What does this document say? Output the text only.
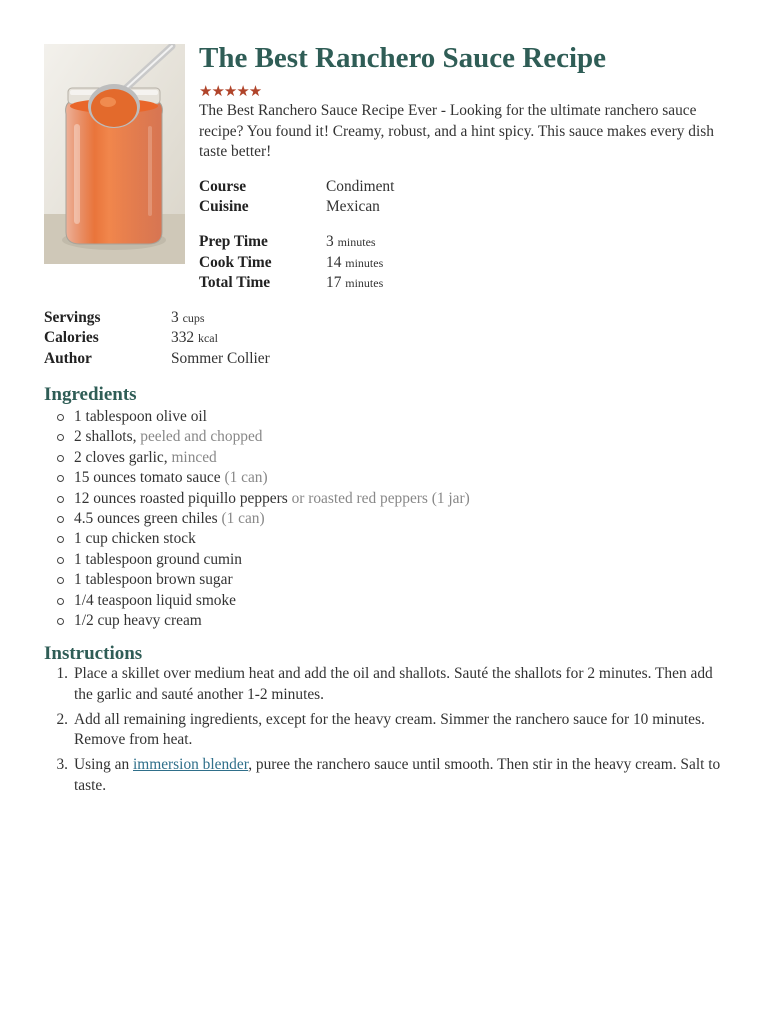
The Best Ranchero Sauce Recipe
★★★★★

The Best Ranchero Sauce Recipe Ever - Looking for the ultimate ranchero sauce recipe? You found it! Creamy, robust, and a hint spicy. This sauce makes every dish taste better!

Course	Condiment
Cuisine	Mexican
Prep Time	3 minutes
Cook Time	14 minutes
Total Time	17 minutes
Servings	3 cups
Calories	332 kcal
Author	Sommer Collier
Ingredients
1 tablespoon olive oil
2 shallots, peeled and chopped
2 cloves garlic, minced
15 ounces tomato sauce (1 can)
12 ounces roasted piquillo peppers or roasted red peppers (1 jar)
4.5 ounces green chiles (1 can)
1 cup chicken stock
1 tablespoon ground cumin
1 tablespoon brown sugar
1/4 teaspoon liquid smoke
1/2 cup heavy cream
Instructions
1. Place a skillet over medium heat and add the oil and shallots. Sauté the shallots for 2 minutes. Then add the garlic and sauté another 1-2 minutes.
2. Add all remaining ingredients, except for the heavy cream. Simmer the ranchero sauce for 10 minutes. Remove from heat.
3. Using an immersion blender, puree the ranchero sauce until smooth. Then stir in the heavy cream. Salt to taste.
